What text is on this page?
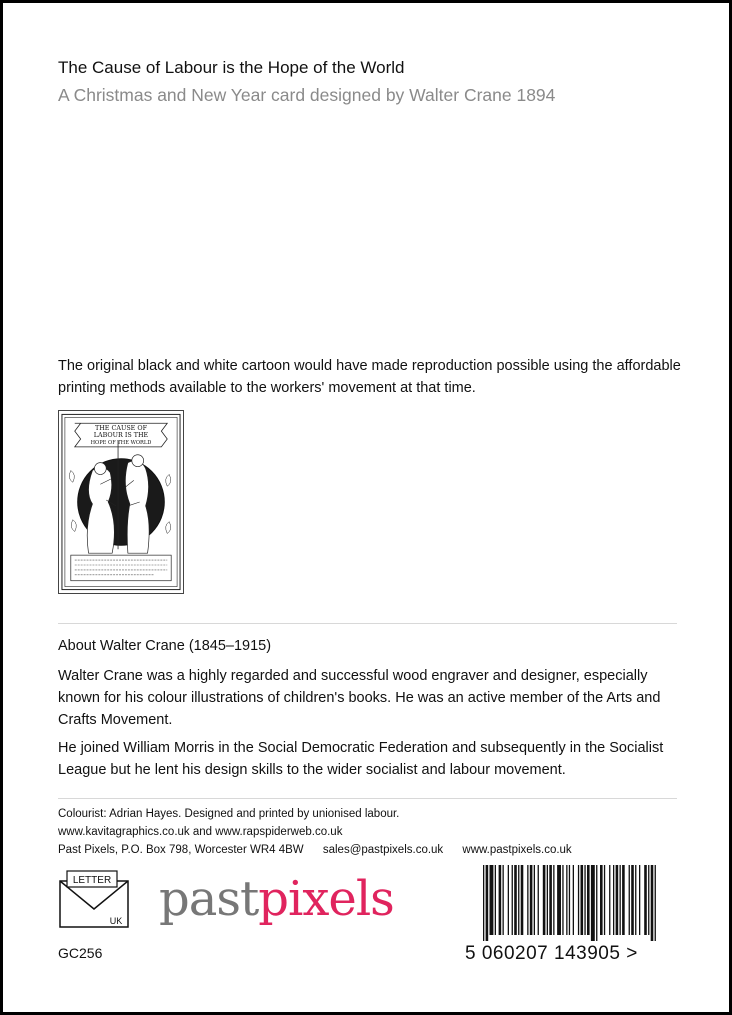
The Cause of Labour is the Hope of the World
A Christmas and New Year card designed by Walter Crane 1894

The original black and white cartoon would have made reproduction possible using the affordable printing methods available to the workers' movement at that time.

THE CAUSE OF
LABOUR IS THE
HOPE OF THE WORLD
About Walter Crane (1845–1915)

Walter Crane was a highly regarded and successful wood engraver and designer, especially known for his colour illustrations of children's books. He was an active member of the Arts and Crafts Movement.

He joined William Morris in the Social Democratic Federation and subsequently in the Socialist League but he lent his design skills to the wider socialist and labour movement.

Colourist: Adrian Hayes. Designed and printed by unionised labour.
www.kavitagraphics.co.uk and www.rapspiderweb.co.uk
Past Pixels, P.O. Box 798, Worcester WR4 4BW sales@pastpixels.co.uk www.pastpixels.co.uk
LETTER
UK pastpixels
GC256	5 060207 143905 >
